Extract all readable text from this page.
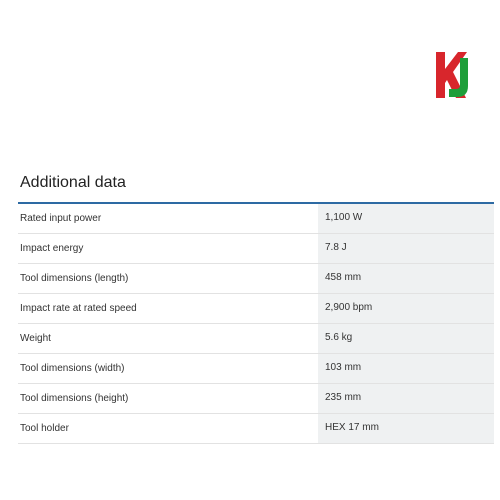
Additional data
Rated input power	1,100 W
Impact energy	7.8 J
Tool dimensions (length)	458 mm
Impact rate at rated speed	2,900 bpm
Weight	5.6 kg
Tool dimensions (width)	103 mm
Tool dimensions (height)	235 mm
Tool holder	HEX 17 mm
